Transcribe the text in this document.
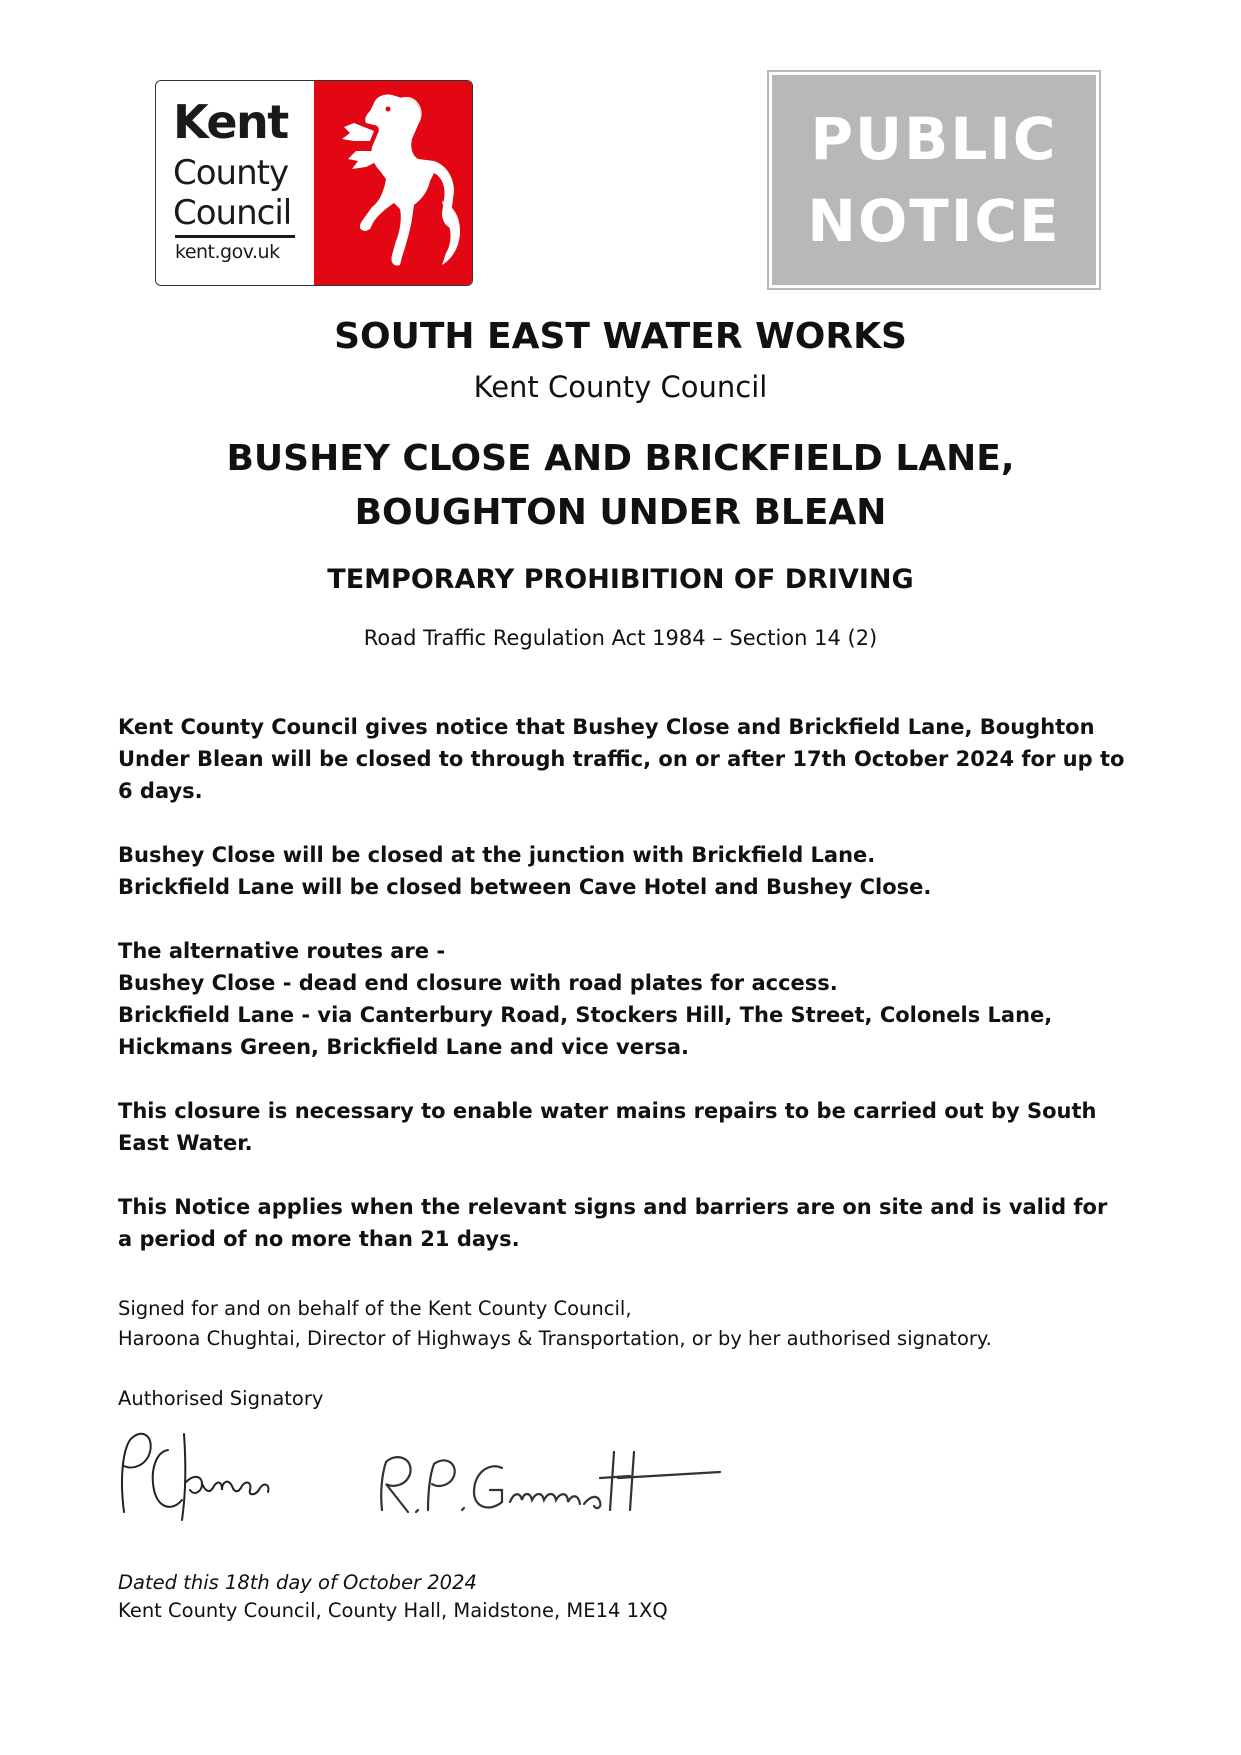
Kent
County
Council
kent.gov.uk
PUBLIC
NOTICE
SOUTH EAST WATER WORKS
Kent County Council
BUSHEY CLOSE AND BRICKFIELD LANE, BOUGHTON UNDER BLEAN
TEMPORARY PROHIBITION OF DRIVING
Road Traffic Regulation Act 1984 – Section 14 (2)

Kent County Council gives notice that Bushey Close and Brickfield Lane, Boughton Under Blean will be closed to through traffic, on or after 17th October 2024 for up to 6 days.

Bushey Close will be closed at the junction with Brickfield Lane.

Brickfield Lane will be closed between Cave Hotel and Bushey Close.

The alternative routes are -

Bushey Close - dead end closure with road plates for access.

Brickfield Lane - via Canterbury Road, Stockers Hill, The Street, Colonels Lane, Hickmans Green, Brickfield Lane and vice versa.

This closure is necessary to enable water mains repairs to be carried out by South East Water.

This Notice applies when the relevant signs and barriers are on site and is valid for a period of no more than 21 days.

Signed for and on behalf of the Kent County Council,

Haroona Chughtai, Director of Highways & Transportation, or by her authorised signatory.

Authorised Signatory
Dated this 18th day of October 2024
Kent County Council, County Hall, Maidstone, ME14 1XQ
